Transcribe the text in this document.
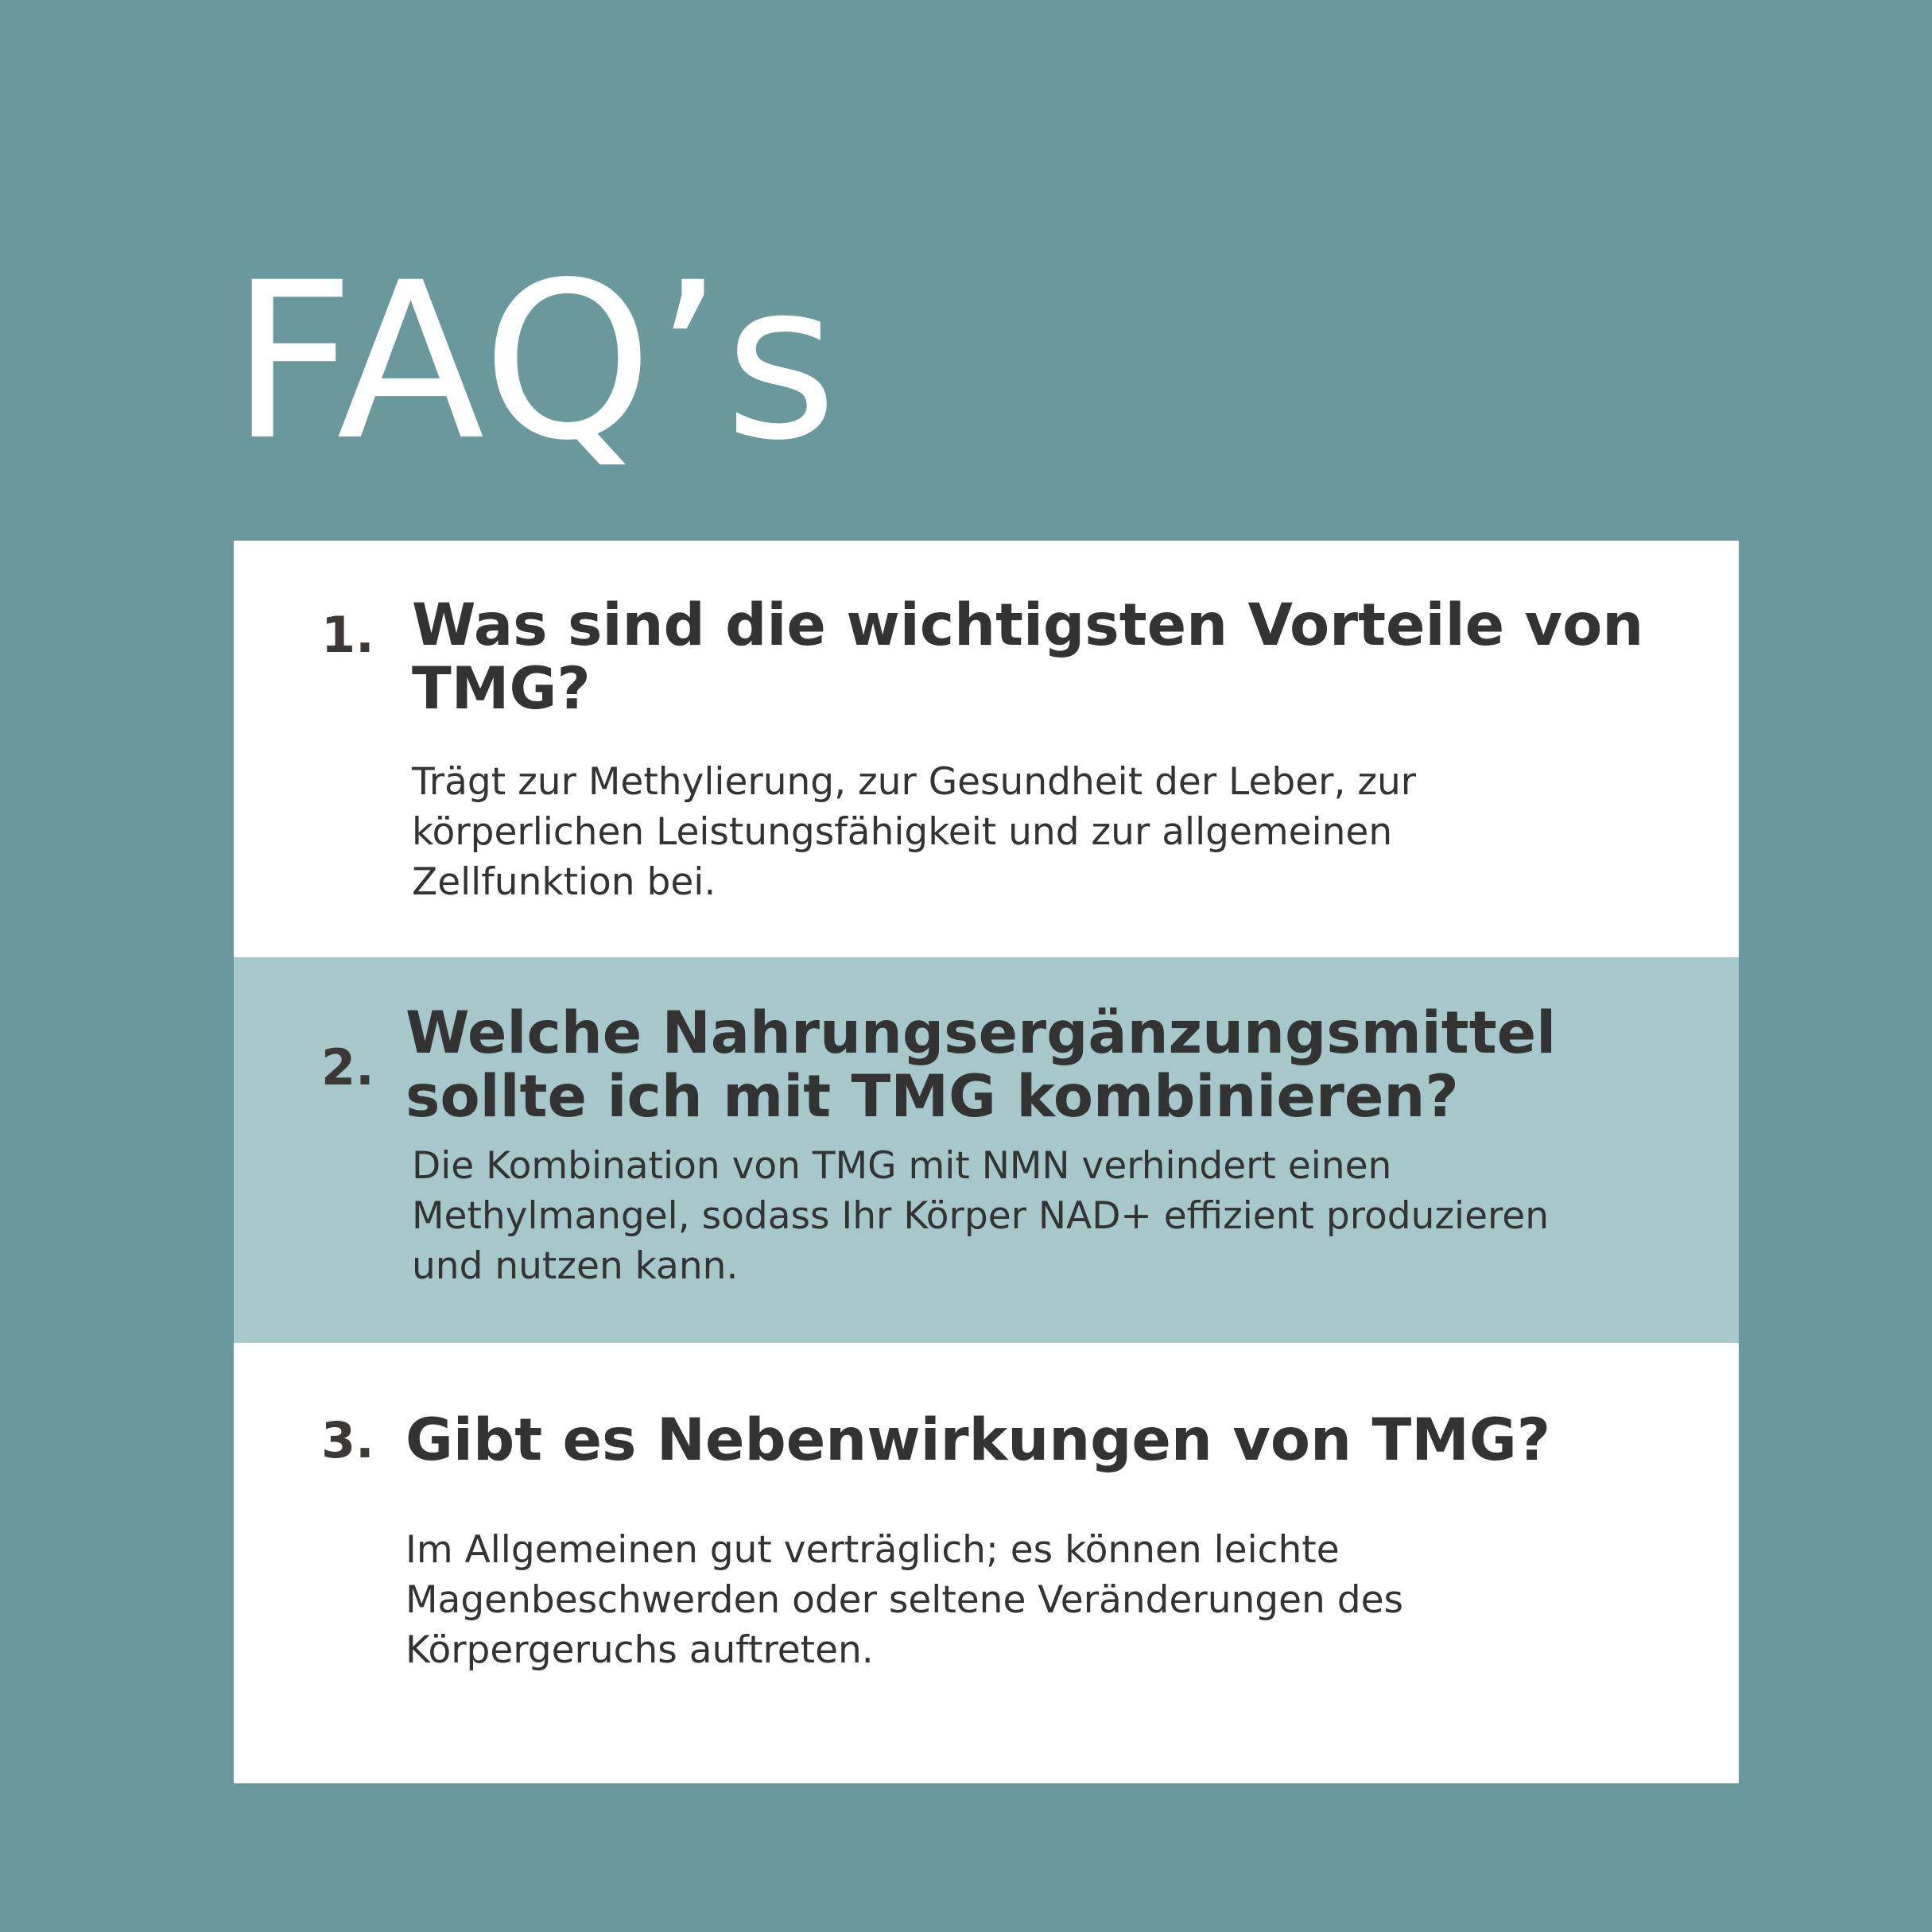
FAQ’s
1. Was sind die wichtigsten Vorteile von
TMG?

Trägt zur Methylierung, zur Gesundheit der Leber, zur
körperlichen Leistungsfähigkeit und zur allgemeinen
Zellfunktion bei.

2.
Welche Nahrungsergänzungsmittel
sollte ich mit TMG kombinieren?

Die Kombination von TMG mit NMN verhindert einen
Methylmangel, sodass Ihr Körper NAD+ effizient produzieren
und nutzen kann.

3. Gibt es Nebenwirkungen von TMG?

Im Allgemeinen gut verträglich; es können leichte
Magenbeschwerden oder seltene Veränderungen des
Körpergeruchs auftreten.
